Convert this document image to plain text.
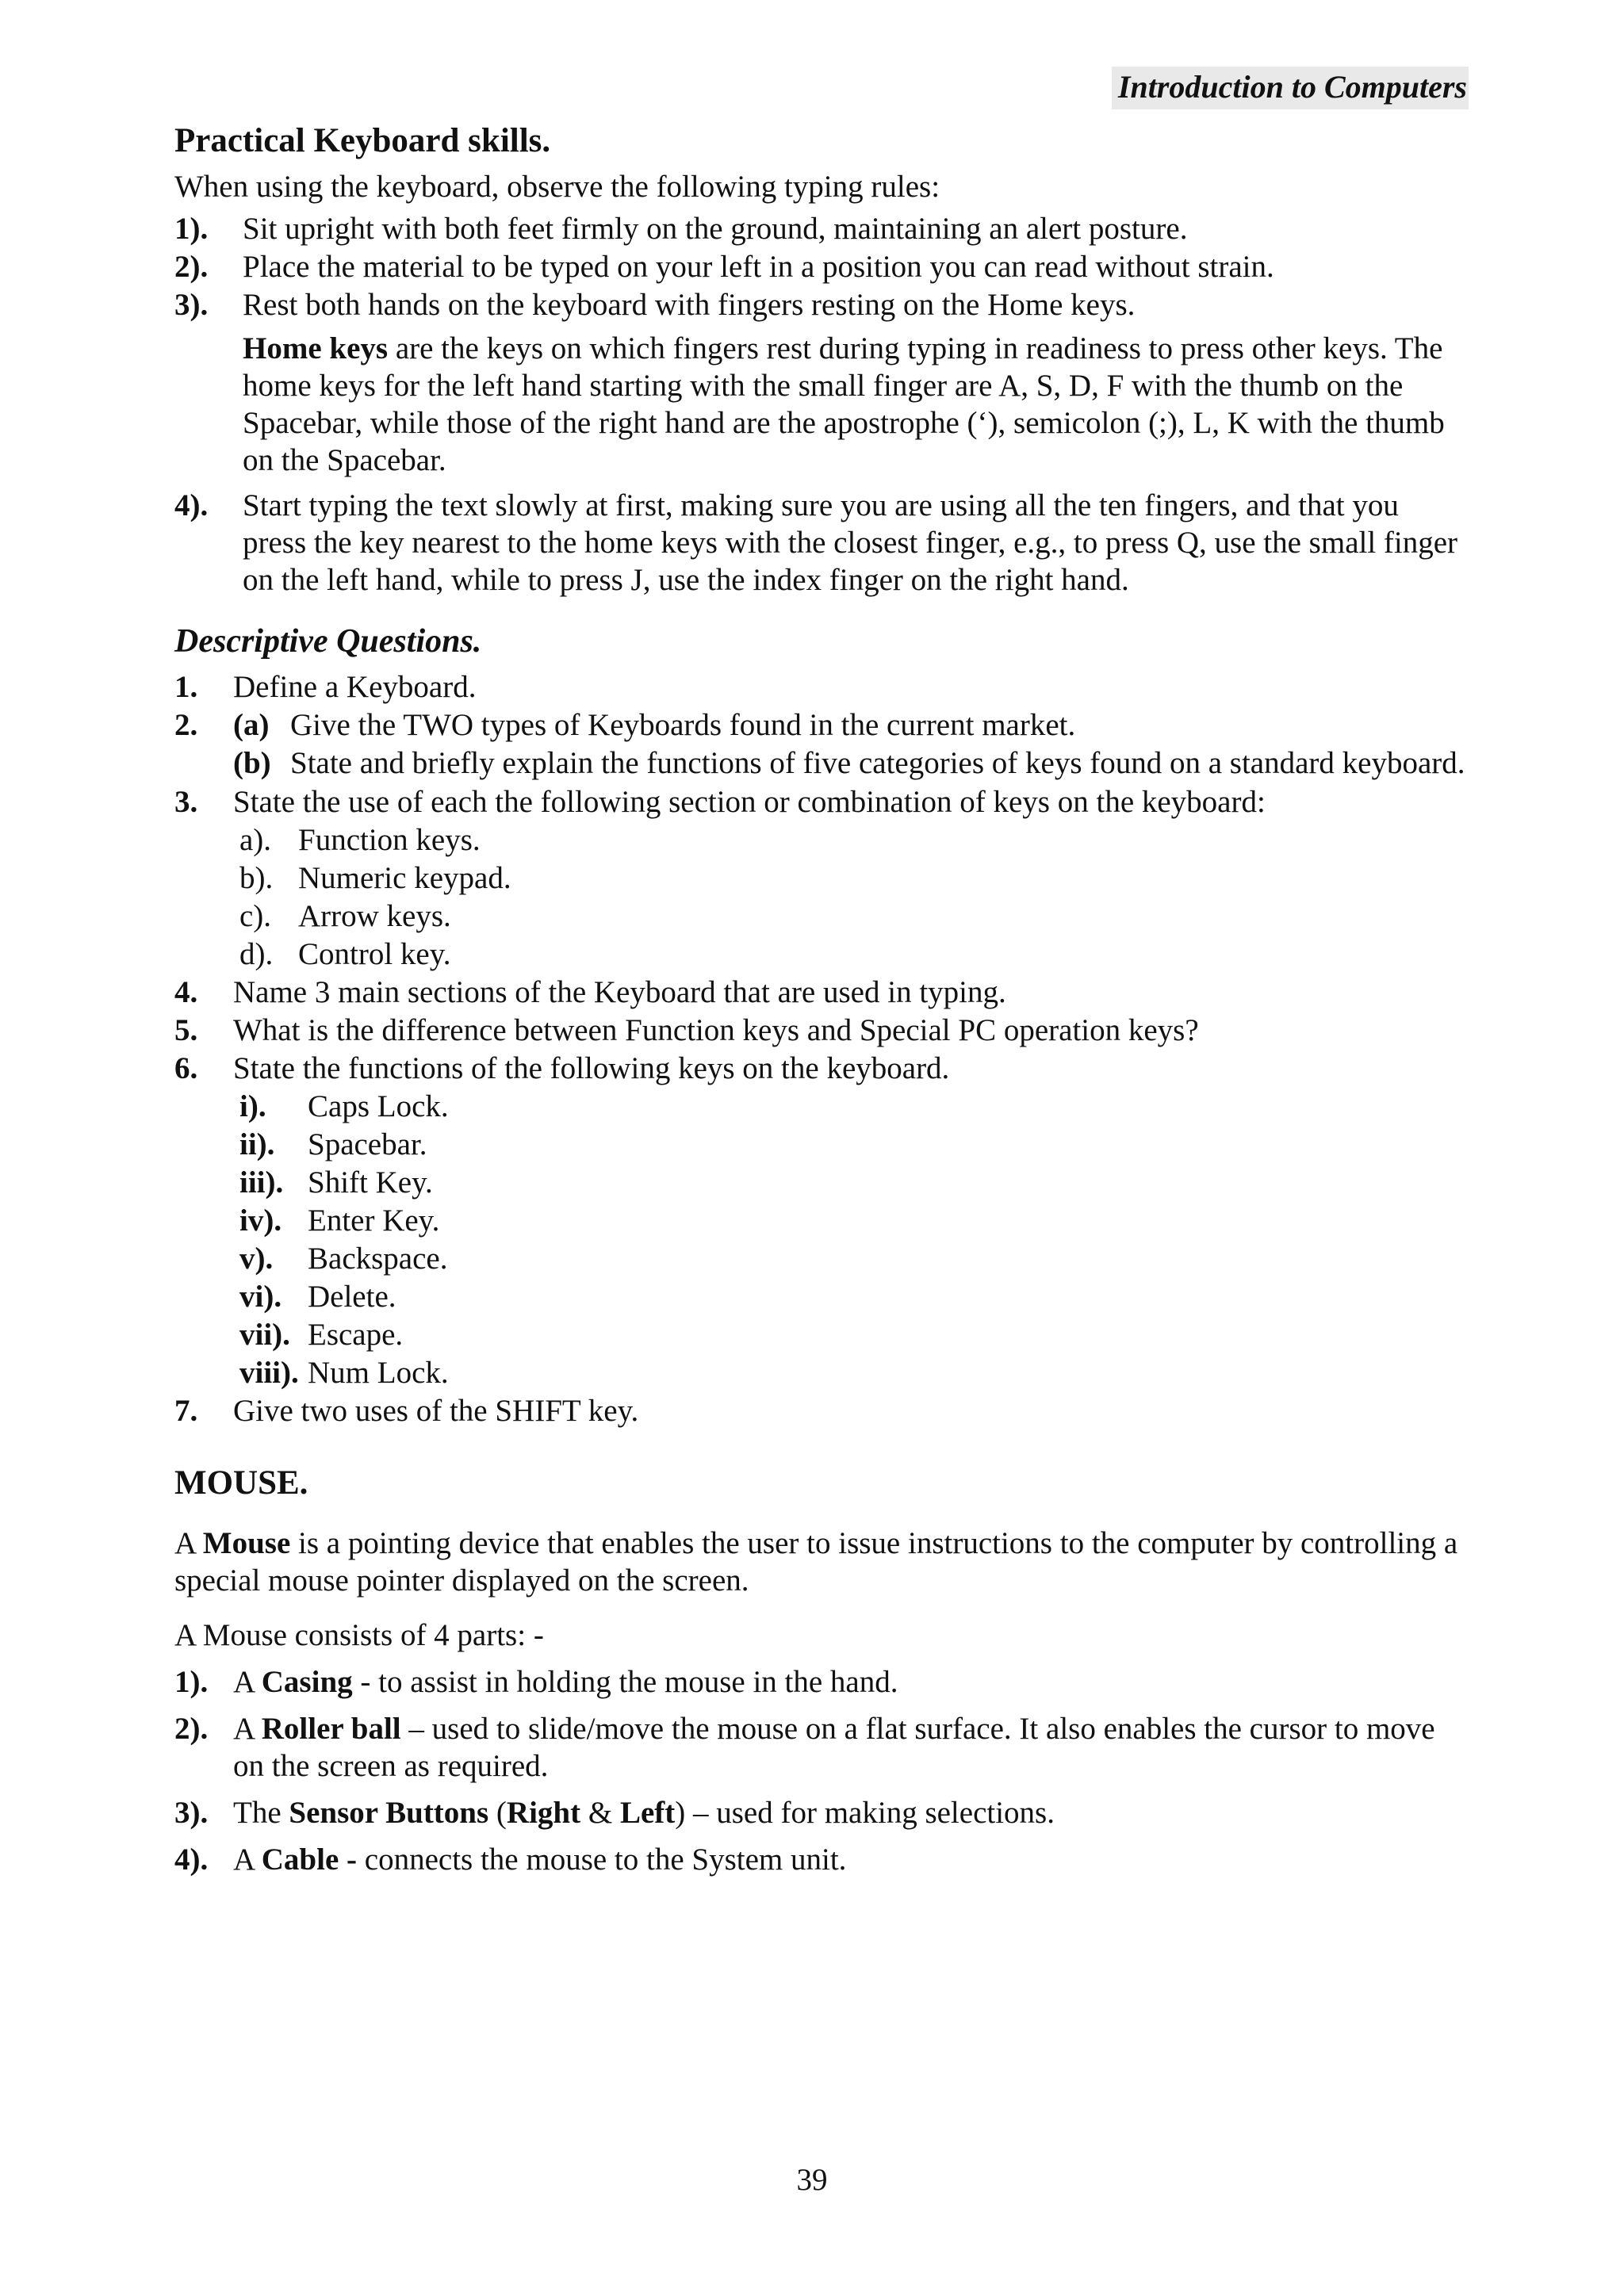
Introduction to Computers
Practical Keyboard skills.

When using the keyboard, observe the following typing rules:

1).	Sit upright with both feet firmly on the ground, maintaining an alert posture.
2).	Place the material to be typed on your left in a position you can read without strain.
3).	Rest both hands on the keyboard with fingers resting on the Home keys.

Home keys are the keys on which fingers rest during typing in readiness to press other keys. The home keys for the left hand starting with the small finger are A, S, D, F with the thumb on the Spacebar, while those of the right hand are the apostrophe (‘), semicolon (;), L, K with the thumb on the Spacebar.

4).	Start typing the text slowly at first, making sure you are using all the ten fingers, and that you press the key nearest to the home keys with the closest finger, e.g., to press Q, use the small finger on the left hand, while to press J, use the index finger on the right hand.
Descriptive Questions.
1.	Define a Keyboard.
2.	(a) Give the TWO types of Keyboards found in the current market.
(b) State and briefly explain the functions of five categories of keys found on a standard keyboard.
3.	State the use of each the following section or combination of keys on the keyboard:
a). Function keys.
b). Numeric keypad.
c). Arrow keys.
d). Control key.
4.	Name 3 main sections of the Keyboard that are used in typing.
5.	What is the difference between Function keys and Special PC operation keys?
6.	State the functions of the following keys on the keyboard.
i).	Caps Lock.
ii).	Spacebar.
iii). Shift Key.
iv). Enter Key.
v).	Backspace.
vi). Delete.
vii). Escape.
viii). Num Lock.
7.	Give two uses of the SHIFT key.
MOUSE.

A Mouse is a pointing device that enables the user to issue instructions to the computer by controlling a special mouse pointer displayed on the screen.

A Mouse consists of 4 parts: -

1). A Casing - to assist in holding the mouse in the hand.
2). A Roller ball – used to slide/move the mouse on a flat surface. It also enables the cursor to move on the screen as required.
3). The Sensor Buttons (Right & Left) – used for making selections.
4). A Cable - connects the mouse to the System unit.
39
